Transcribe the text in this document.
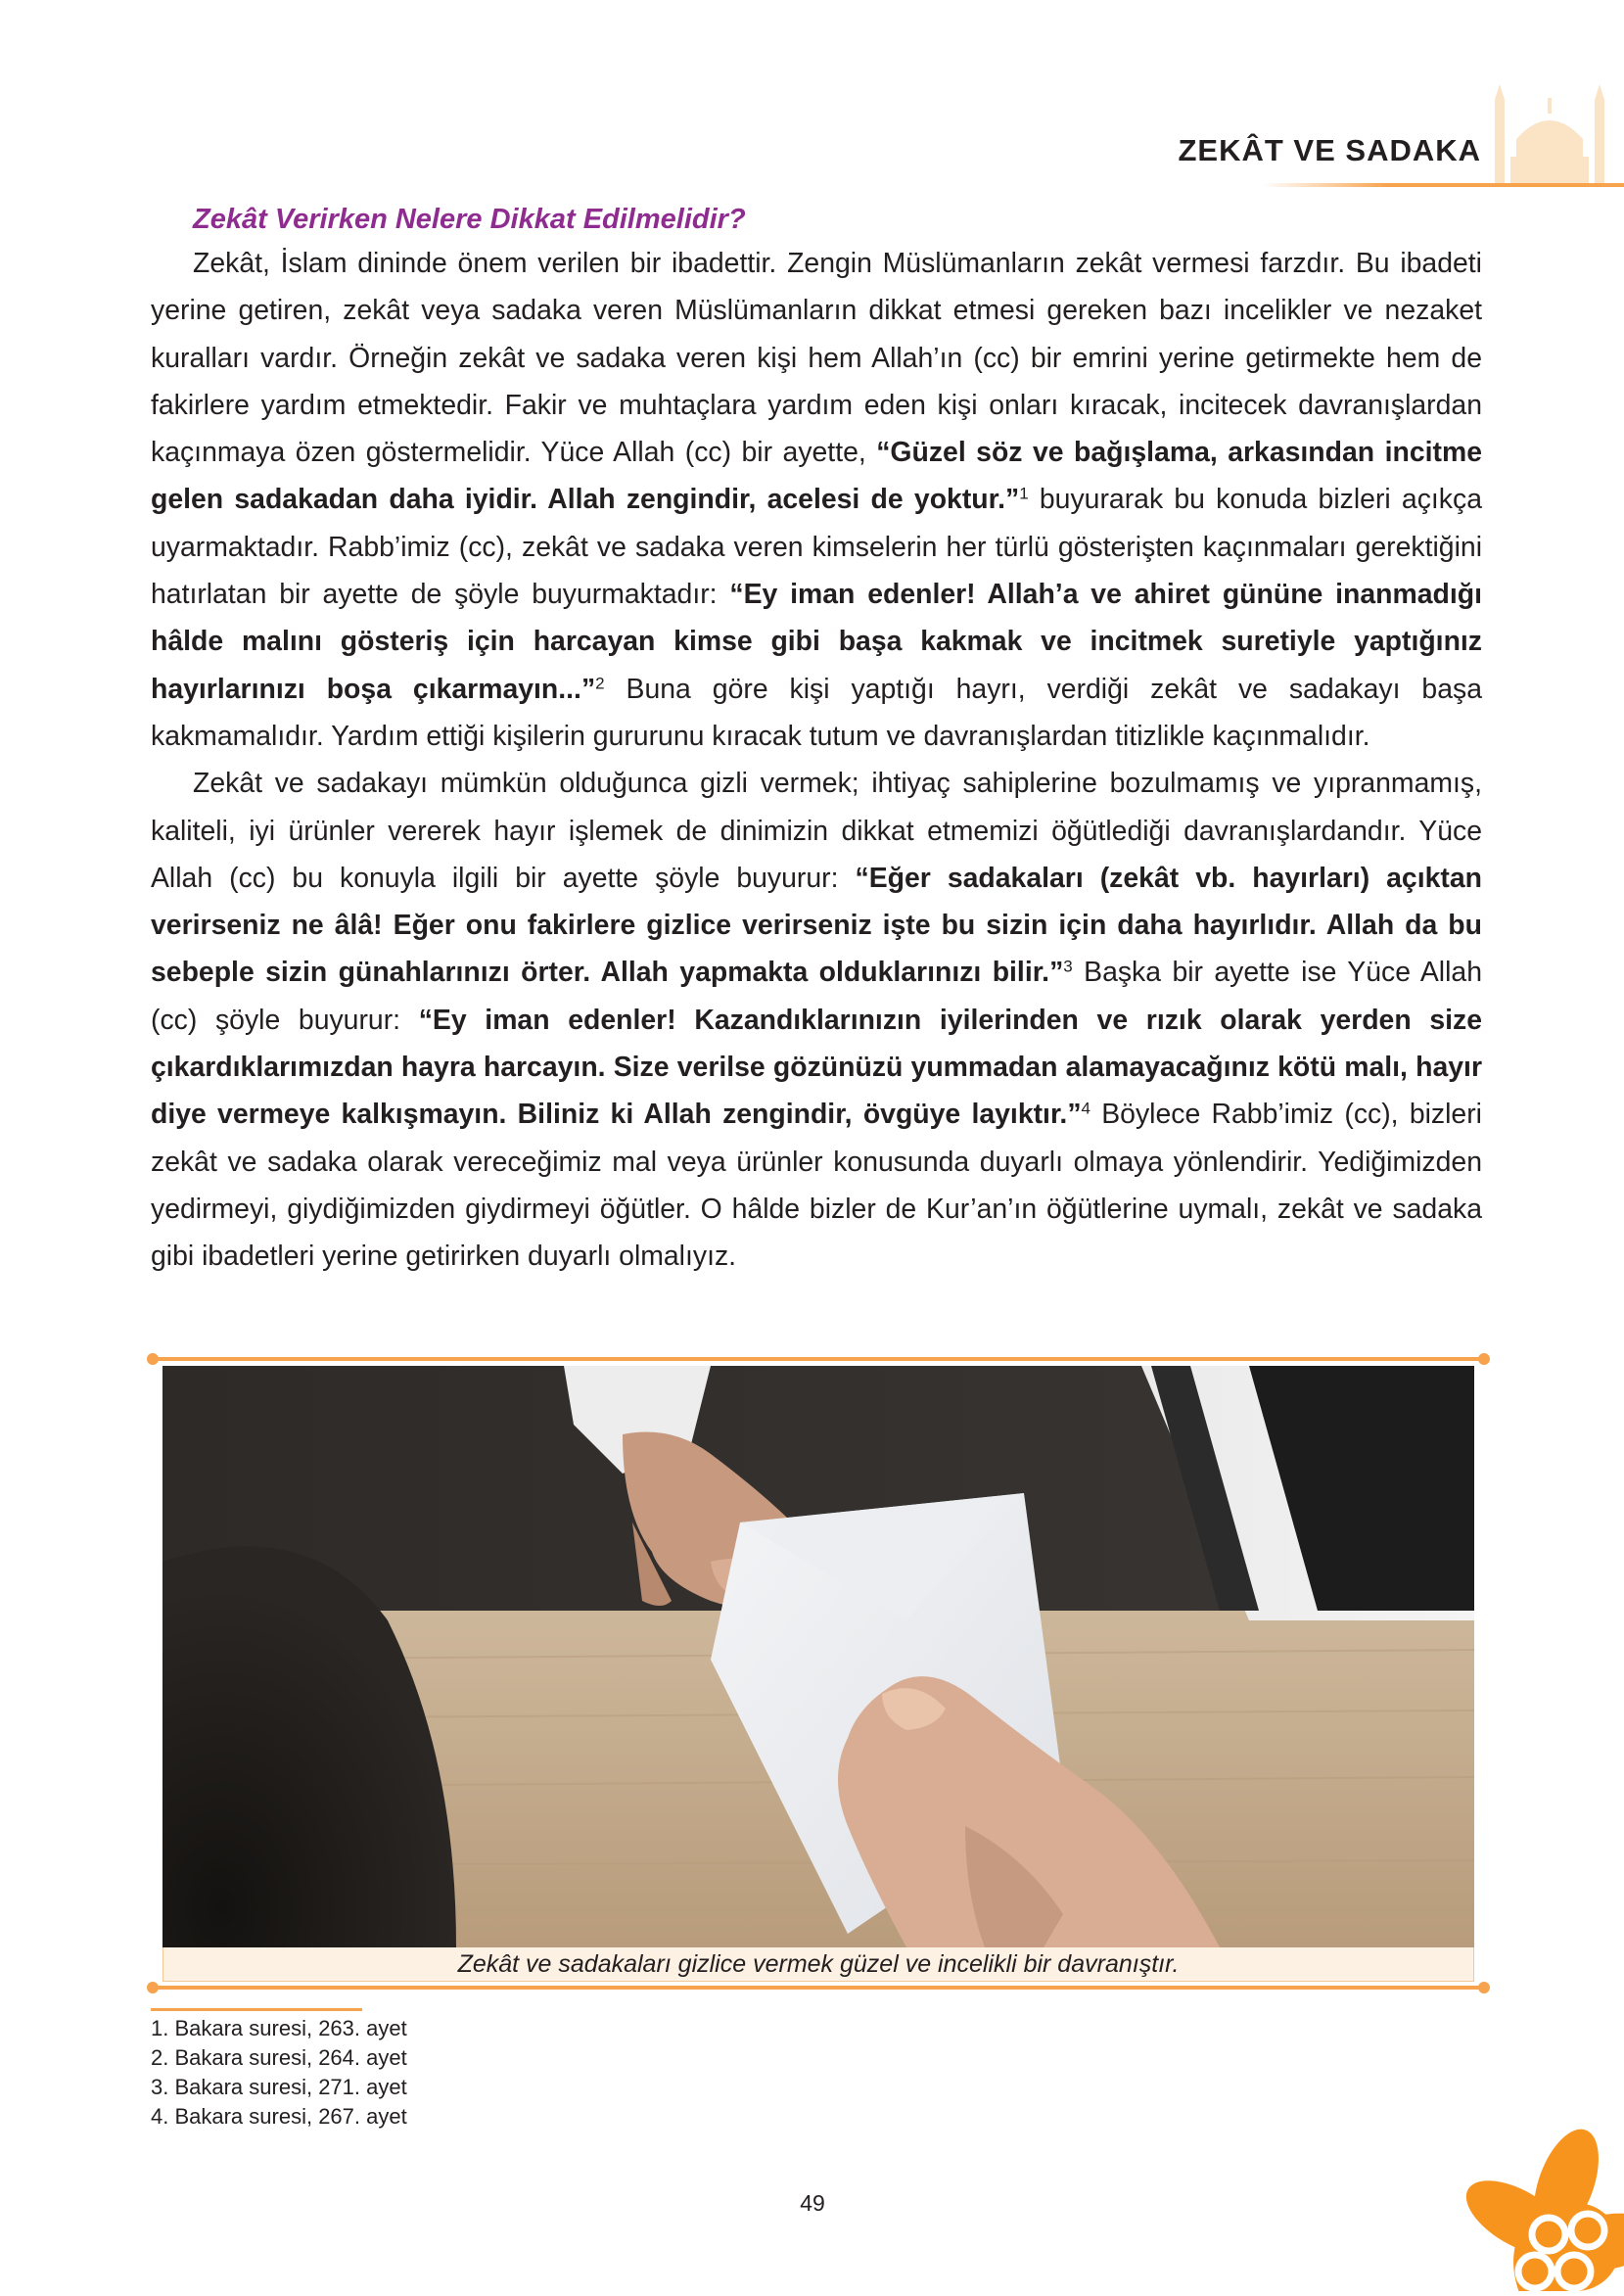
ZEKÂT VE SADAKA
Zekât Verirken Nelere Dikkat Edilmelidir?

Zekât, İslam dininde önem verilen bir ibadettir. Zengin Müslümanların zekât vermesi farzdır. Bu ibadeti yerine getiren, zekât veya sadaka veren Müslümanların dikkat etmesi gereken bazı incelikler ve nezaket kuralları vardır. Örneğin zekât ve sadaka veren kişi hem Allah’ın (cc) bir emrini yerine getirmekte hem de fakirlere yardım etmektedir. Fakir ve muhtaçlara yardım eden kişi onları kıracak, incitecek davranışlardan kaçınmaya özen göstermelidir. Yüce Allah (cc) bir ayette, “Güzel söz ve bağışlama, arkasından incitme gelen sadakadan daha iyidir. Allah zengindir, acelesi de yoktur.”$^1$ buyurarak bu konuda bizleri açıkça uyarmaktadır. Rabb’imiz (cc), zekât ve sadaka veren kimselerin her türlü gösterişten kaçınmaları gerektiğini hatırlatan bir ayette de şöyle buyurmaktadır: “Ey iman edenler! Allah’a ve ahiret gününe inanmadığı hâlde malını gösteriş için harcayan kimse gibi başa kakmak ve incitmek suretiyle yaptığınız hayırlarınızı boşa çıkarmayın...”$^2$ Buna göre kişi yaptığı hayrı, verdiği zekât ve sadakayı başa kakmamalıdır. Yardım ettiği kişilerin gururunu kıracak tutum ve davranışlardan titizlikle kaçınmalıdır.

Zekât ve sadakayı mümkün olduğunca gizli vermek; ihtiyaç sahiplerine bozulmamış ve yıpranmamış, kaliteli, iyi ürünler vererek hayır işlemek de dinimizin dikkat etmemizi öğütlediği davranışlardandır. Yüce Allah (cc) bu konuyla ilgili bir ayette şöyle buyurur: “Eğer sadakaları (zekât vb. hayırları) açıktan verirseniz ne âlâ! Eğer onu fakirlere gizlice verirseniz işte bu sizin için daha hayırlıdır. Allah da bu sebeple sizin günahlarınızı örter. Allah yapmakta olduklarınızı bilir.”$^3$ Başka bir ayette ise Yüce Allah (cc) şöyle buyurur: “Ey iman edenler! Kazandıklarınızın iyilerinden ve rızık olarak yerden size çıkardıklarımızdan hayra harcayın. Size verilse gözünüzü yummadan alamayacağınız kötü malı, hayır diye vermeye kalkışmayın. Biliniz ki Allah zengindir, övgüye layıktır.”$^4$ Böylece Rabb’imiz (cc), bizleri zekât ve sadaka olarak vereceğimiz mal veya ürünler konusunda duyarlı olmaya yönlendirir. Yediğimizden yedirmeyi, giydiğimizden giydirmeyi öğütler. O hâlde bizler de Kur’an’ın öğütlerine uymalı, zekât ve sadaka gibi ibadetleri yerine getirirken duyarlı olmalıyız.

Zekât ve sadakaları gizlice vermek güzel ve incelikli bir davranıştır.
1. Bakara suresi, 263. ayet
2. Bakara suresi, 264. ayet
3. Bakara suresi, 271. ayet
4. Bakara suresi, 267. ayet
49
